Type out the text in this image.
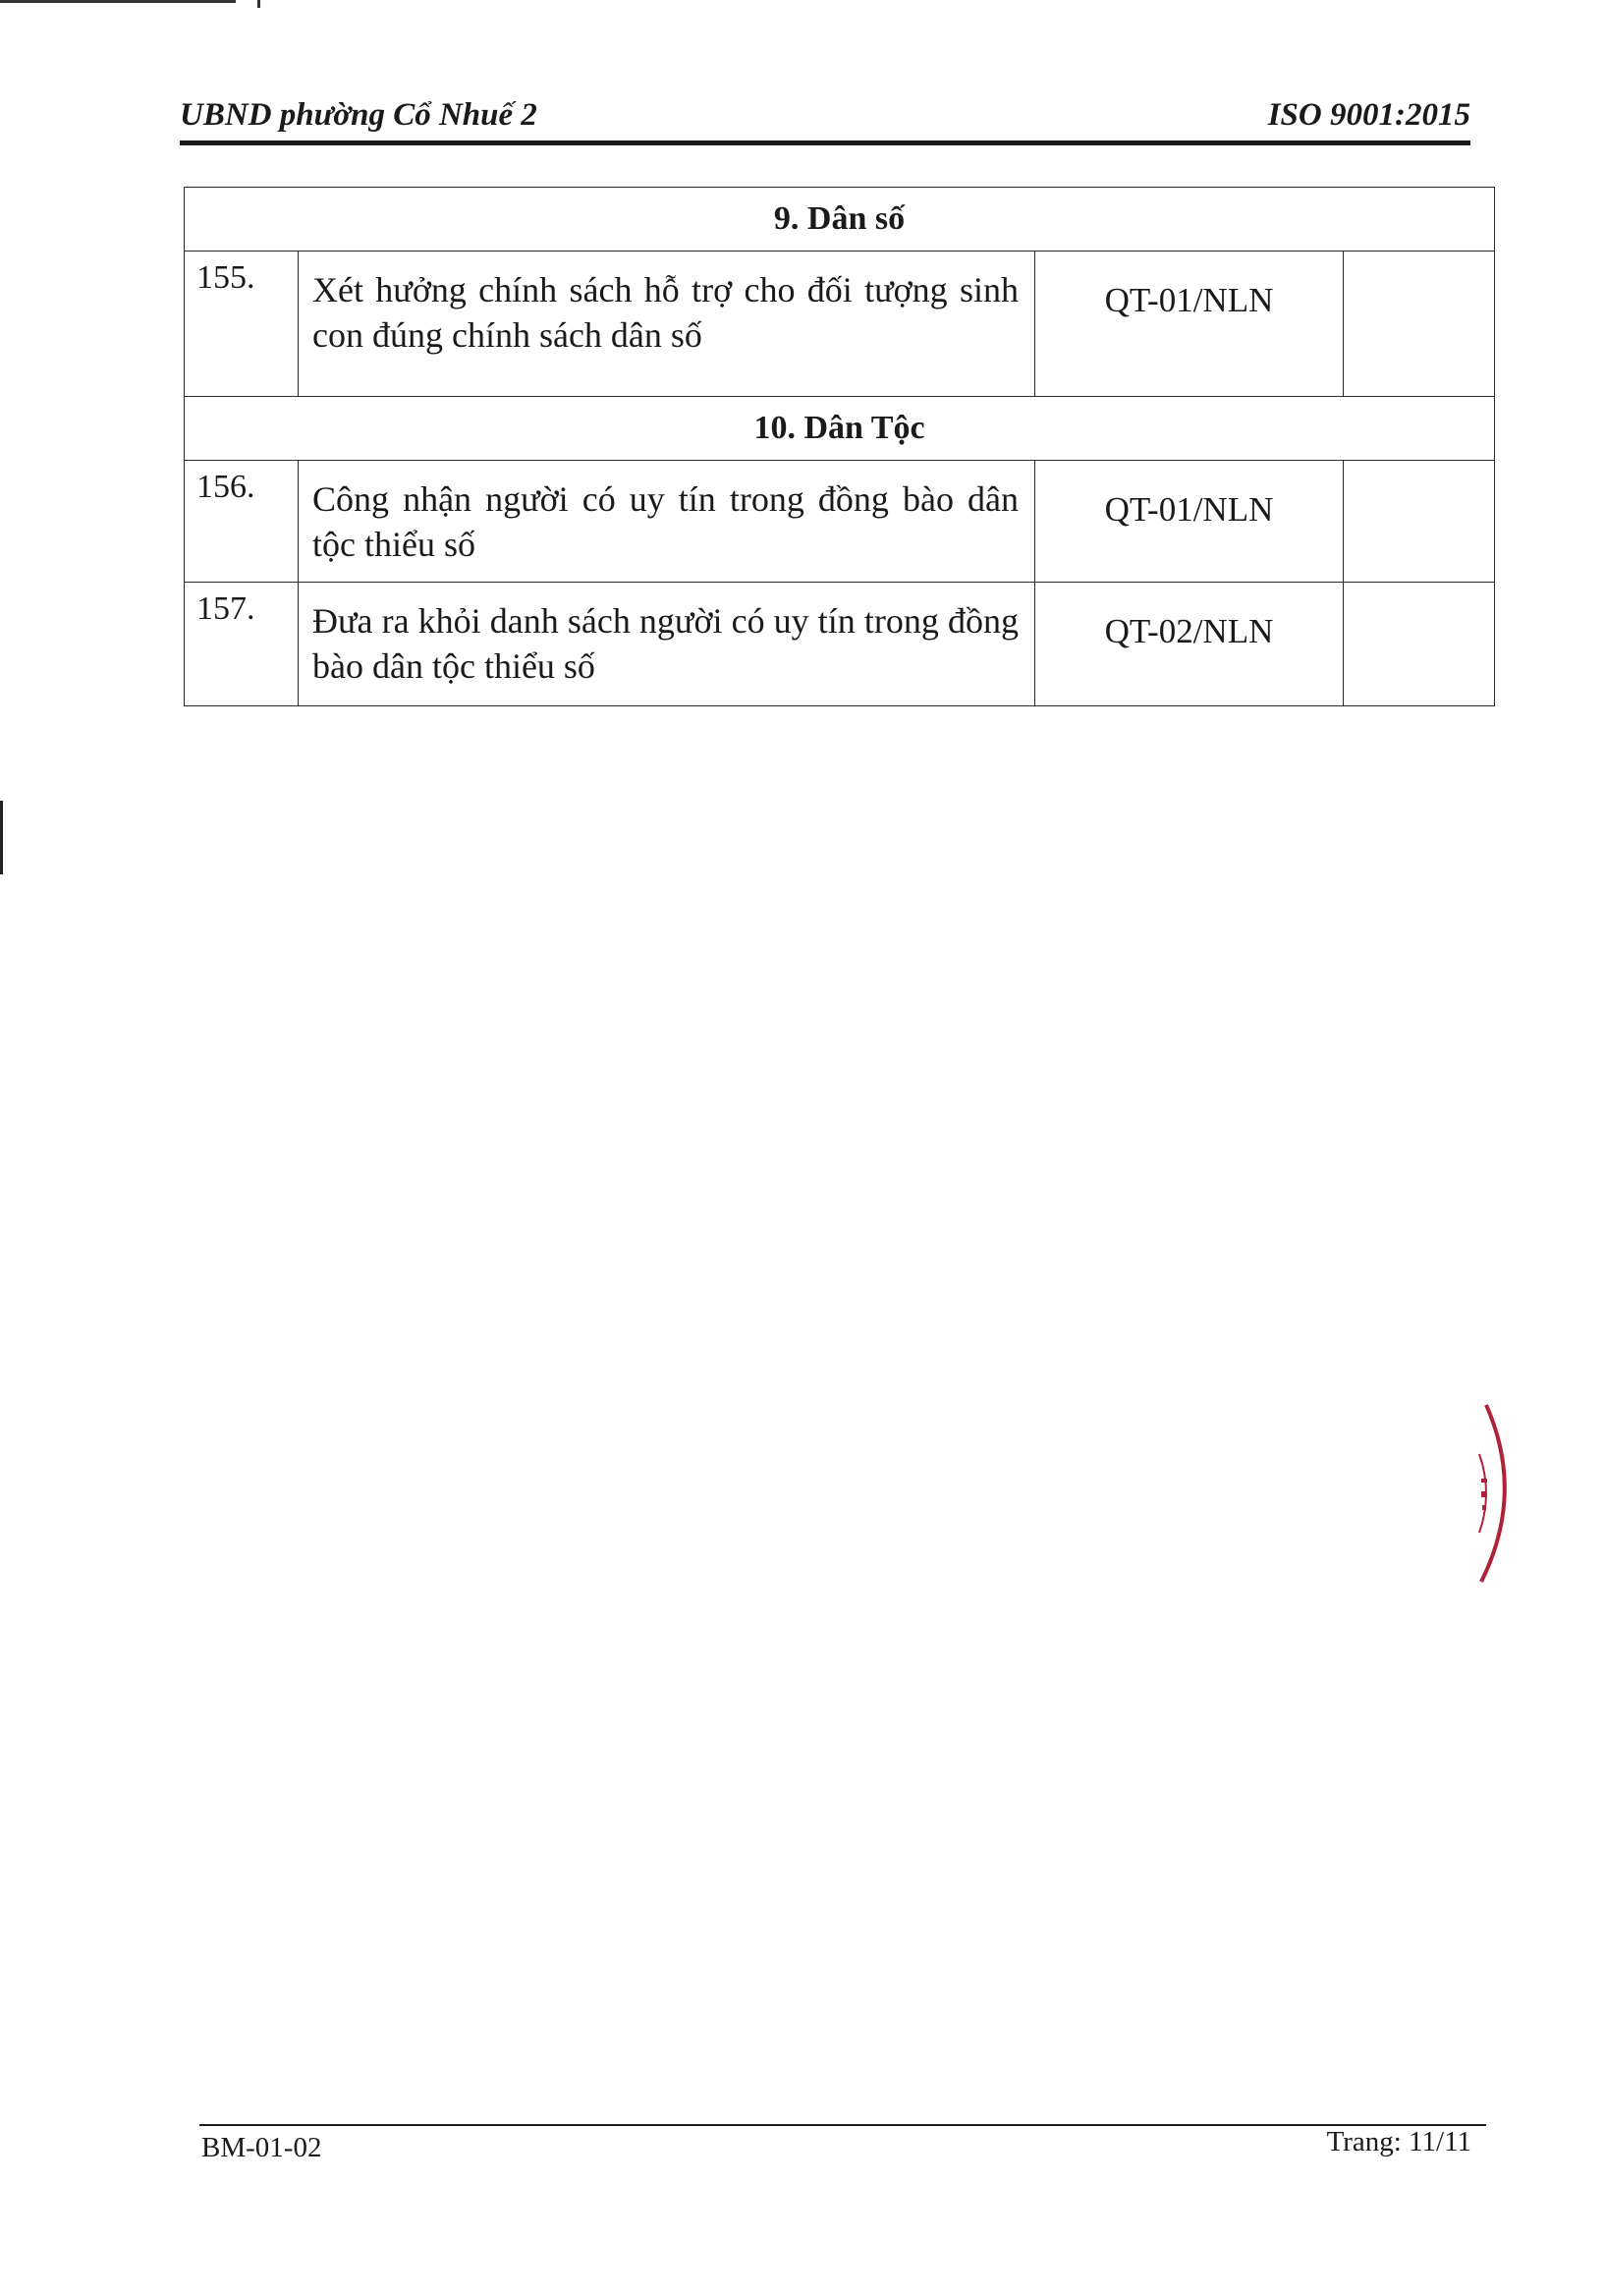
UBND phường Cổ Nhuế 2	ISO 9001:2015
9. Dân số			
155.	Xét hưởng chính sách hỗ trợ cho đối tượng sinh con đúng chính sách dân số	QT-01/NLN	
10. Dân Tộc			
156.	Công nhận người có uy tín trong đồng bào dân tộc thiểu số	QT-01/NLN	
157.	Đưa ra khỏi danh sách người có uy tín trong đồng bào dân tộc thiểu số	QT-02/NLN	
BM-01-02	Trang: 11/11
